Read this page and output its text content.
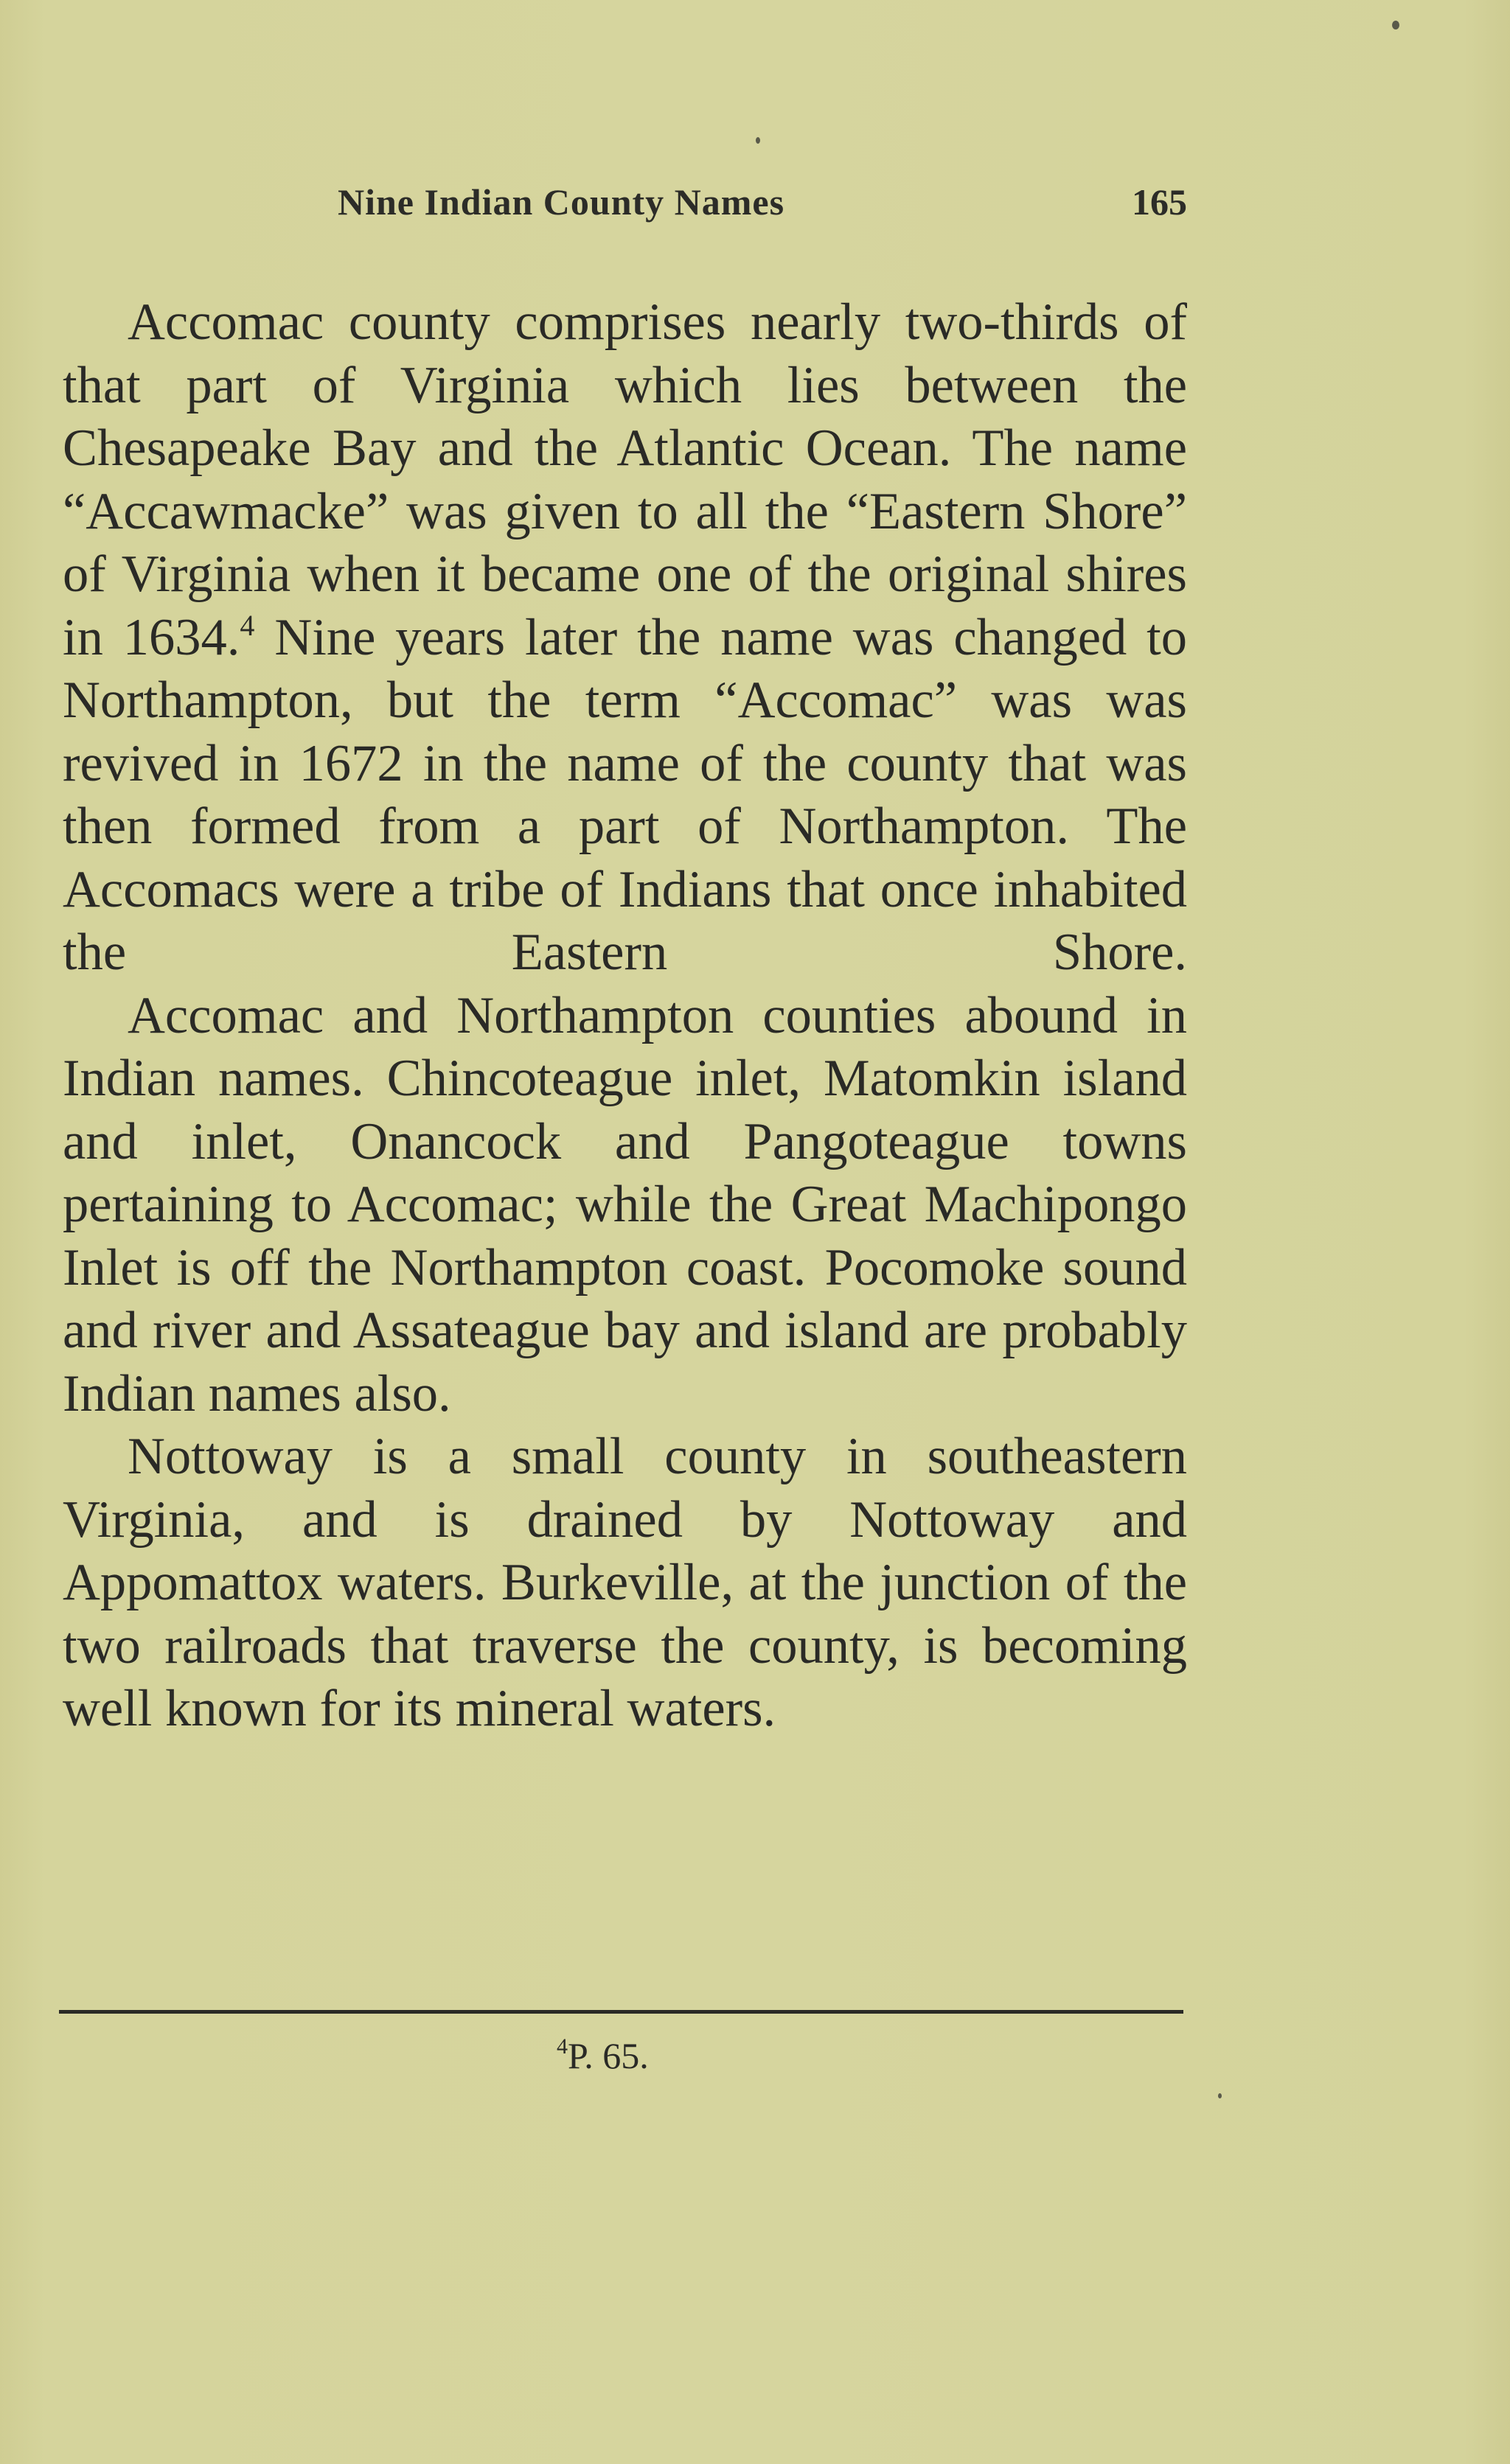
Nine Indian County Names	165

Accomac county comprises nearly two-thirds of that part of Virginia which lies between the Chesapeake Bay and the Atlantic Ocean. The name “Accawmacke” was given to all the “Eastern Shore” of Virginia when it became one of the original shires in 1634.$^4$ Nine years later the name was changed to Northampton, but the term “Accomac” was was revived in 1672 in the name of the county that was then formed from a part of Northampton. The Accomacs were a tribe of Indians that once inhabited the Eastern Shore.

Accomac and Northampton counties abound in Indian names. Chincoteague inlet, Matomkin island and inlet, Onancock and Pangoteague towns pertaining to Accomac; while the Great Machipongo Inlet is off the Northampton coast. Pocomoke sound and river and Assateague bay and island are probably Indian names also.

Nottoway is a small county in southeastern Virginia, and is drained by Nottoway and Appomattox waters. Burkeville, at the junction of the two railroads that traverse the county, is becoming well known for its mineral waters.

$^4$P. 65.
